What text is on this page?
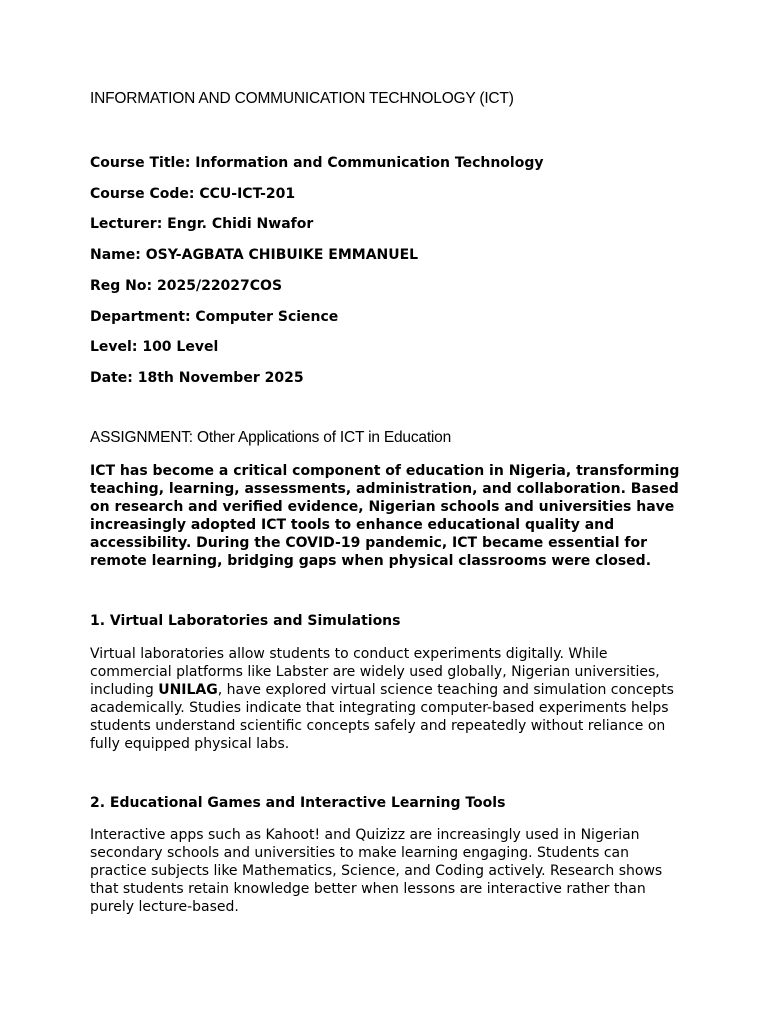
INFORMATION AND COMMUNICATION TECHNOLOGY (ICT)
Course Title: Information and Communication Technology
Course Code: CCU-ICT-201
Lecturer: Engr. Chidi Nwafor
Name: OSY-AGBATA CHIBUIKE EMMANUEL
Reg No: 2025/22027COS
Department: Computer Science
Level: 100 Level
Date: 18th November 2025
ASSIGNMENT: Other Applications of ICT in Education

ICT has become a critical component of education in Nigeria, transforming teaching, learning, assessments, administration, and collaboration. Based on research and verified evidence, Nigerian schools and universities have increasingly adopted ICT tools to enhance educational quality and accessibility. During the COVID-19 pandemic, ICT became essential for remote learning, bridging gaps when physical classrooms were closed.

1. Virtual Laboratories and Simulations

Virtual laboratories allow students to conduct experiments digitally. While commercial platforms like Labster are widely used globally, Nigerian universities, including UNILAG, have explored virtual science teaching and simulation concepts academically. Studies indicate that integrating computer-based experiments helps students understand scientific concepts safely and repeatedly without reliance on fully equipped physical labs.

2. Educational Games and Interactive Learning Tools

Interactive apps such as Kahoot! and Quizizz are increasingly used in Nigerian secondary schools and universities to make learning engaging. Students can practice subjects like Mathematics, Science, and Coding actively. Research shows that students retain knowledge better when lessons are interactive rather than purely lecture-based.
